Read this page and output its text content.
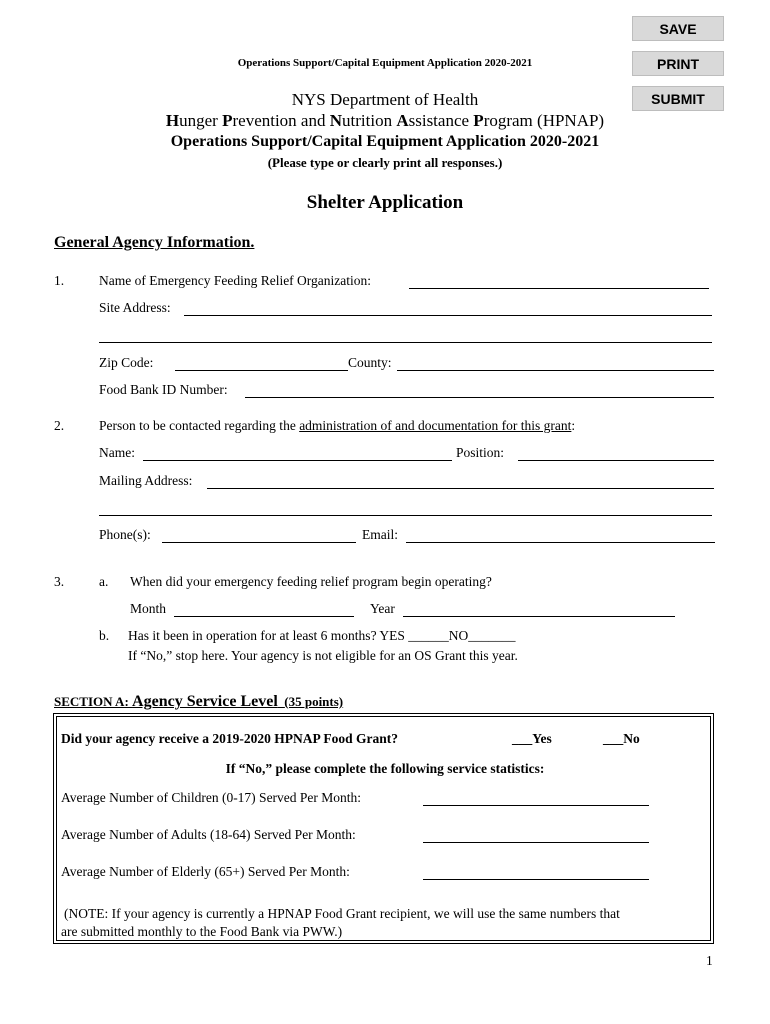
SAVE
PRINT
SUBMIT
Operations Support/Capital Equipment Application 2020-2021
NYS Department of Health
Hunger Prevention and Nutrition Assistance Program (HPNAP)
Operations Support/Capital Equipment Application 2020-2021
(Please type or clearly print all responses.)
Shelter Application
General Agency Information.
1.	Name of Emergency Feeding Relief Organization:
Site Address:
Zip Code:	County:
Food Bank ID Number:
2.	Person to be contacted regarding the administration of and documentation for this grant:
Name:	Position:
Mailing Address:
Phone(s):	Email:
3.	a. When did your emergency feeding relief program begin operating?
Month	Year
b. Has it been in operation for at least 6 months? YES ______NO_______
If “No,” stop here. Your agency is not eligible for an OS Grant this year.
SECTION A: Agency Service Level (35 points)
Did your agency receive a 2019-2020 HPNAP Food Grant?	___Yes	___No
If “No,” please complete the following service statistics:
Average Number of Children (0-17) Served Per Month:
Average Number of Adults (18-64) Served Per Month:
Average Number of Elderly (65+) Served Per Month:
(NOTE: If your agency is currently a HPNAP Food Grant recipient, we will use the same numbers that
are submitted monthly to the Food Bank via PWW.)
1
